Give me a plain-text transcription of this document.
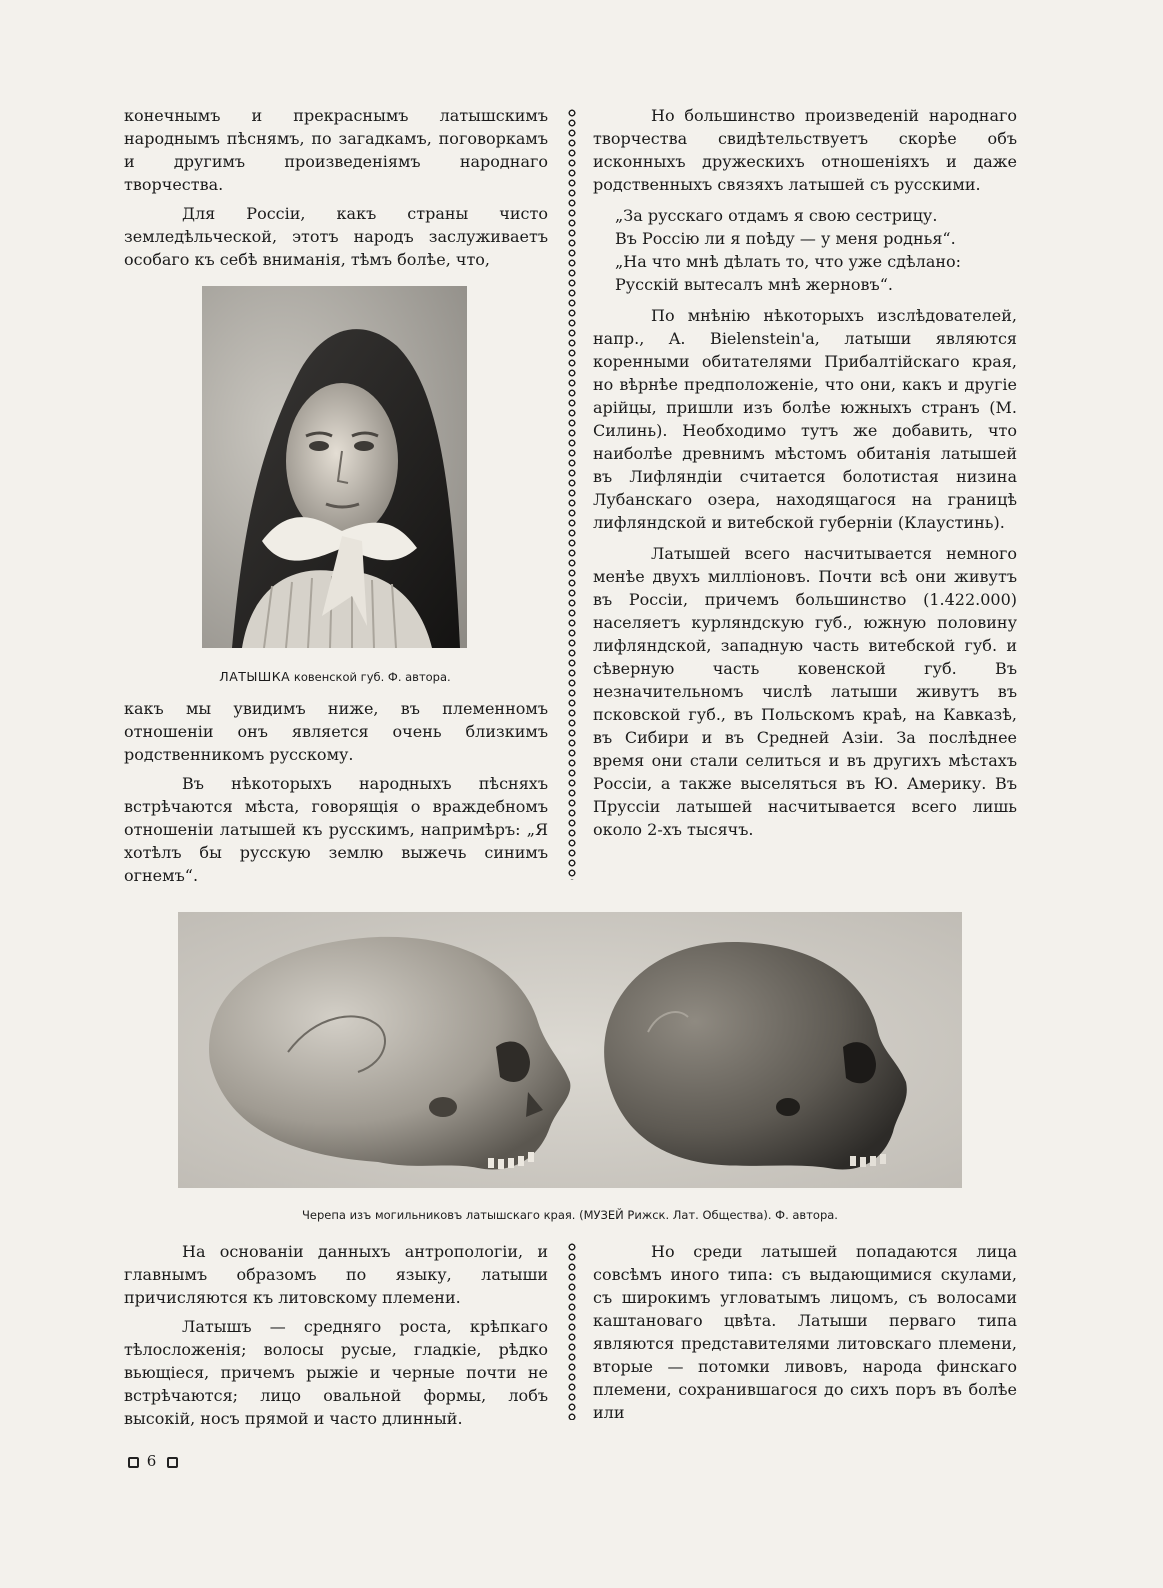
конечнымъ и прекраснымъ латышскимъ народнымъ пѣснямъ, по загадкамъ, поговоркамъ и другимъ произведеніямъ народнаго творчества.

Для Россіи, какъ страны чисто земледѣльческой, этотъ народъ заслуживаетъ особаго къ себѣ вниманія, тѣмъ болѣе, что,

ЛАТЫШКА ковенской губ. Ф. автора.

какъ мы увидимъ ниже, въ племенномъ отношеніи онъ является очень близкимъ родственникомъ русскому.

Въ нѣкоторыхъ народныхъ пѣсняхъ встрѣчаются мѣста, говорящія о враждебномъ отношеніи латышей къ русскимъ, напримѣръ: „Я хотѣлъ бы русскую землю выжечь синимъ огнемъ“.

Но большинство произведеній народнаго творчества свидѣтельствуетъ скорѣе объ исконныхъ дружескихъ отношеніяхъ и даже родственныхъ связяхъ латышей съ русскими.

„За русскаго отдамъ я свою сестрицу.
Въ Россію ли я поѣду — у меня роднья“.
„На что мнѣ дѣлать то, что уже сдѣлано:
Русскій вытесалъ мнѣ жерновъ“.

По мнѣнію нѣкоторыхъ изслѣдователей, напр., A. Bielenstein'a, латыши являются коренными обитателями Прибалтійскаго края, но вѣрнѣе предположеніе, что они, какъ и другіе арійцы, пришли изъ болѣе южныхъ странъ (М. Силинь). Необходимо тутъ же добавить, что наиболѣе древнимъ мѣстомъ обитанія латышей въ Лифляндіи считается болотистая низина Лубанскаго озера, находящагося на границѣ лифляндской и витебской губерніи (Клаустинь).

Латышей всего насчитывается немного менѣе двухъ милліоновъ. Почти всѣ они живутъ въ Россіи, причемъ большинство (1.422.000) населяетъ курляндскую губ., южную половину лифляндской, западную часть витебской губ. и сѣверную часть ковенской губ. Въ незначительномъ числѣ латыши живутъ въ псковской губ., въ Польскомъ краѣ, на Кавказѣ, въ Сибири и въ Средней Азіи. За послѣднее время они стали селиться и въ другихъ мѣстахъ Россіи, а также выселяться въ Ю. Америку. Въ Пруссіи латышей насчитывается всего лишь около 2-хъ тысячъ.

Черепа изъ могильниковъ латышскаго края. (МУЗЕЙ Рижск. Лат. Общества). Ф. автора.

На основаніи данныхъ антропологіи, и главнымъ образомъ по языку, латыши причисляются къ литовскому племени.

Латышъ — средняго роста, крѣпкаго тѣлосложенія; волосы русые, гладкіе, рѣдко вьющіеся, причемъ рыжіе и черные почти не встрѣчаются; лицо овальной формы, лобъ высокій, носъ прямой и часто длинный.

Но среди латышей попадаются лица совсѣмъ иного типа: съ выдающимися скулами, съ широкимъ угловатымъ лицомъ, съ волосами каштановаго цвѣта. Латыши перваго типа являются представителями литовскаго племени, вторые — потомки ливовъ, народа финскаго племени, сохранившагося до сихъ поръ въ болѣе или

6
